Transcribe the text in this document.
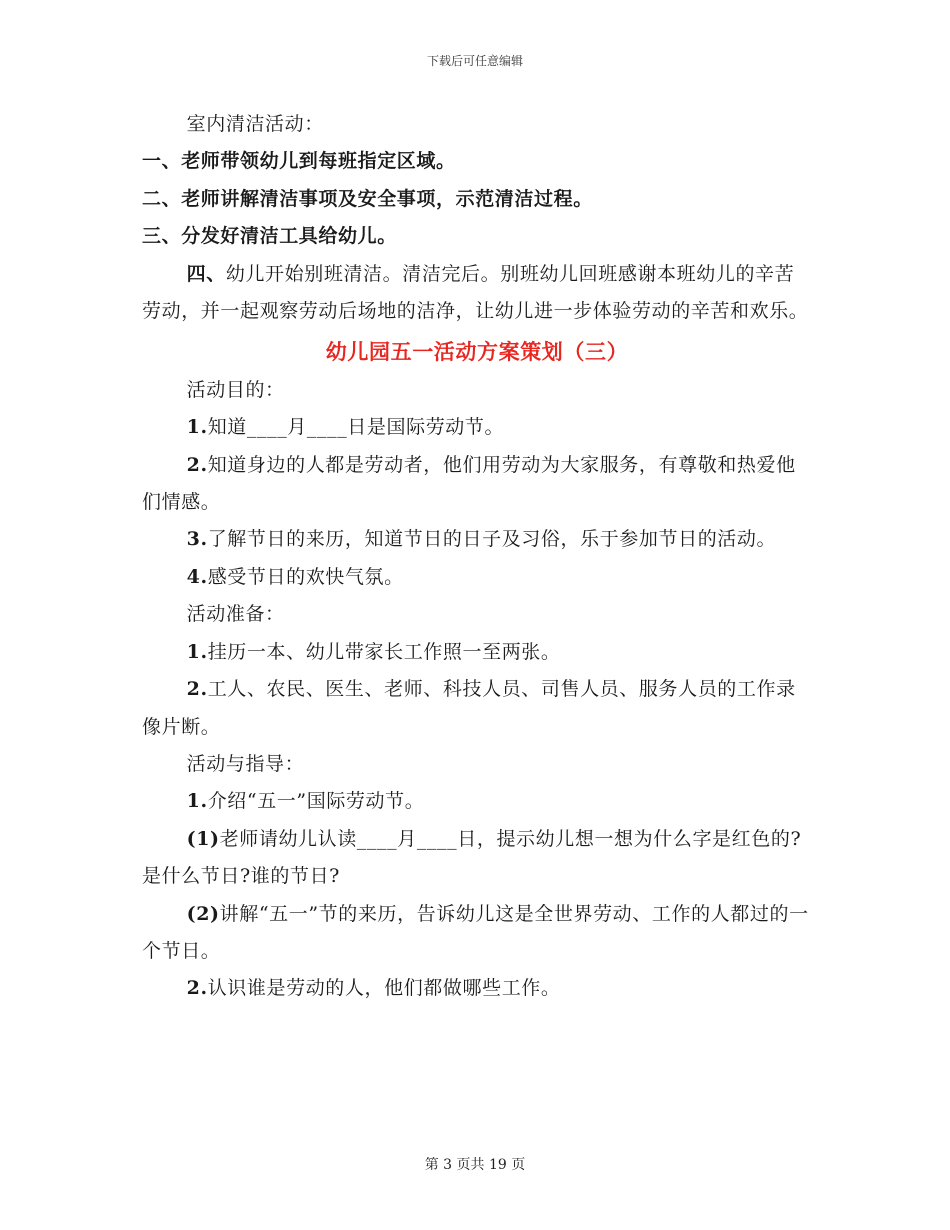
下载后可任意编辑

室内清洁活动：

一、老师带领幼儿到每班指定区域。

二、老师讲解清洁事项及安全事项，示范清洁过程。

三、分发好清洁工具给幼儿。

四、幼儿开始别班清洁。清洁完后。别班幼儿回班感谢本班幼儿的辛苦劳动，并一起观察劳动后场地的洁净，让幼儿进一步体验劳动的辛苦和欢乐。

幼儿园五一活动方案策划（三）

活动目的：

1.知道____月____日是国际劳动节。

2.知道身边的人都是劳动者，他们用劳动为大家服务，有尊敬和热爱他们情感。

3.了解节日的来历，知道节日的日子及习俗，乐于参加节日的活动。

4.感受节日的欢快气氛。

活动准备：

1.挂历一本、幼儿带家长工作照一至两张。

2.工人、农民、医生、老师、科技人员、司售人员、服务人员的工作录像片断。

活动与指导：

1.介绍“五一”国际劳动节。

(1)老师请幼儿认读____月____日，提示幼儿想一想为什么字是红色的?是什么节日?谁的节日?

(2)讲解“五一”节的来历，告诉幼儿这是全世界劳动、工作的人都过的一个节日。

2.认识谁是劳动的人，他们都做哪些工作。

第 3 页共 19 页
